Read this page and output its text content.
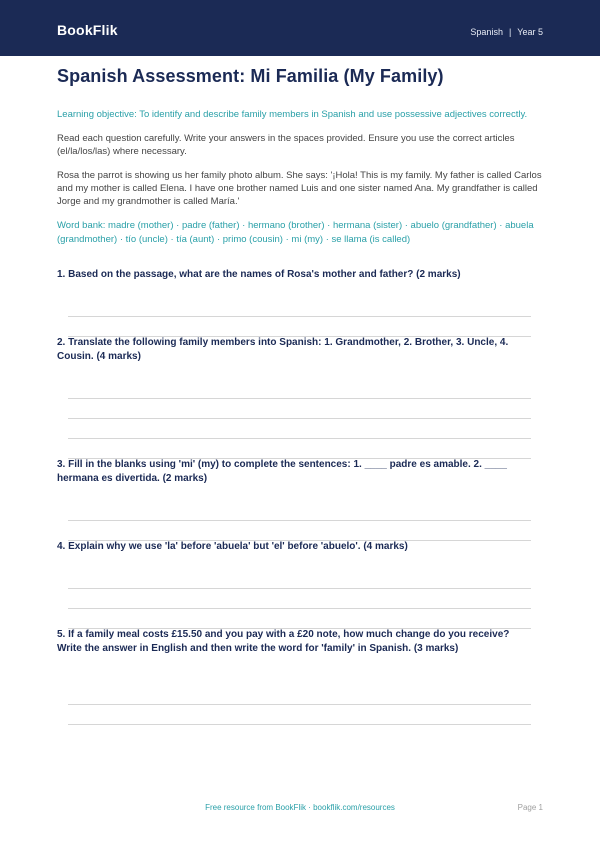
BookFlik	Spanish | Year 5
Spanish Assessment: Mi Familia (My Family)
Learning objective: To identify and describe family members in Spanish and use possessive adjectives correctly.
Read each question carefully. Write your answers in the spaces provided. Ensure you use the correct articles (el/la/los/las) where necessary.
Rosa the parrot is showing us her family photo album. She says: '¡Hola! This is my family. My father is called Carlos and my mother is called Elena. I have one brother named Luis and one sister named Ana. My grandfather is called Jorge and my grandmother is called María.'
Word bank: madre (mother) · padre (father) · hermano (brother) · hermana (sister) · abuelo (grandfather) · abuela (grandmother) · tío (uncle) · tía (aunt) · primo (cousin) · mi (my) · se llama (is called)
1. Based on the passage, what are the names of Rosa's mother and father? (2 marks)
2. Translate the following family members into Spanish: 1. Grandmother, 2. Brother, 3. Uncle, 4. Cousin. (4 marks)
3. Fill in the blanks using 'mi' (my) to complete the sentences: 1. ____ padre es amable. 2. ____ hermana es divertida. (2 marks)
4. Explain why we use 'la' before 'abuela' but 'el' before 'abuelo'. (4 marks)
5. If a family meal costs £15.50 and you pay with a £20 note, how much change do you receive? Write the answer in English and then write the word for 'family' in Spanish. (3 marks)
Free resource from BookFlik · bookflik.com/resources	Page 1
